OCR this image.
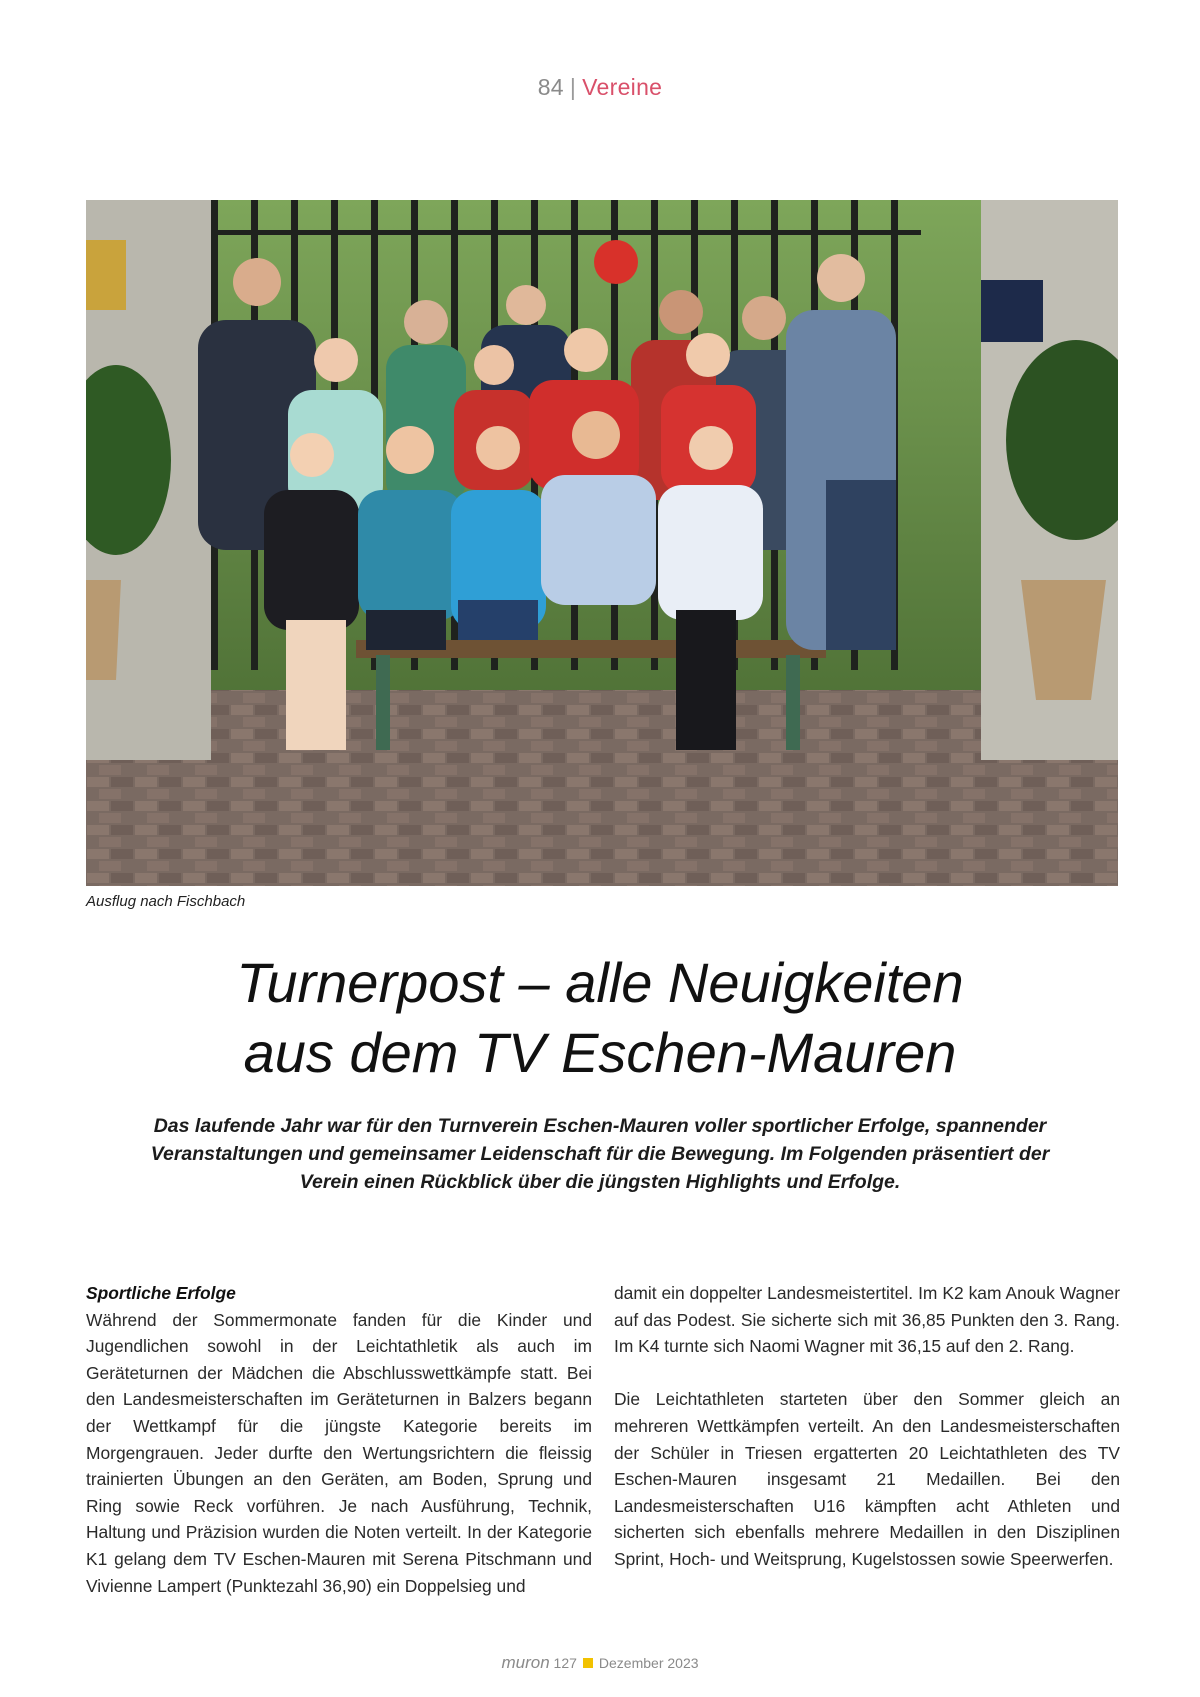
84 | Vereine
Ausflug nach Fischbach
Turnerpost – alle Neuigkeiten
aus dem TV Eschen-Mauren
Das laufende Jahr war für den Turnverein Eschen-Mauren voller sportlicher Erfolge, spannender Veranstaltungen und gemeinsamer Leidenschaft für die Bewegung. Im Folgenden präsentiert der Verein einen Rückblick über die jüngsten Highlights und Erfolge.

Sportliche Erfolge

Während der Sommermonate fanden für die Kinder und Jugendlichen sowohl in der Leichtathletik als auch im Geräteturnen der Mädchen die Abschlusswettkämpfe statt. Bei den Landesmeisterschaften im Geräteturnen in Balzers begann der Wettkampf für die jüngste Kategorie bereits im Morgengrauen. Jeder durfte den Wertungsrichtern die fleissig trainierten Übungen an den Geräten, am Boden, Sprung und Ring sowie Reck vorführen. Je nach Ausführung, Technik, Haltung und Präzision wurden die Noten verteilt. In der Kategorie K1 gelang dem TV Eschen-Mauren mit Serena Pitschmann und Vivienne Lampert (Punktezahl 36,90) ein Doppelsieg und

damit ein doppelter Landesmeistertitel. Im K2 kam Anouk Wagner auf das Podest. Sie sicherte sich mit 36,85 Punkten den 3. Rang. Im K4 turnte sich Naomi Wagner mit 36,15 auf den 2. Rang.

Die Leichtathleten starteten über den Sommer gleich an mehreren Wettkämpfen verteilt. An den Landesmeisterschaften der Schüler in Triesen ergatterten 20 Leichtathleten des TV Eschen-Mauren insgesamt 21 Medaillen. Bei den Landesmeisterschaften U16 kämpften acht Athleten und sicherten sich ebenfalls mehrere Medaillen in den Disziplinen Sprint, Hoch- und Weitsprung, Kugelstossen sowie Speerwerfen.

muron 127 Dezember 2023
